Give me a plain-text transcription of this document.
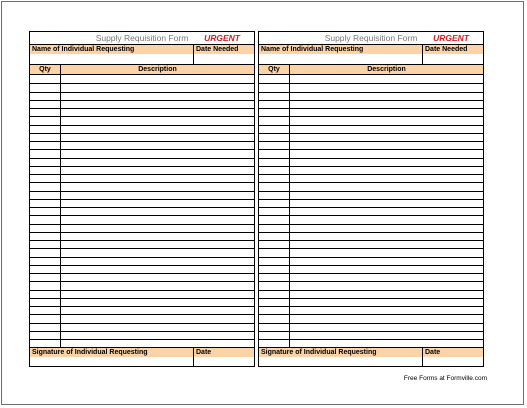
Supply Requisition Form	URGENT
Name of Individual Requesting	Date Needed
Qty	Description
Signature of Individual Requesting	Date
Supply Requisition Form	URGENT
Name of Individual Requesting	Date Needed
Qty	Description
Signature of Individual Requesting	Date
Free Forms at Formville.com
